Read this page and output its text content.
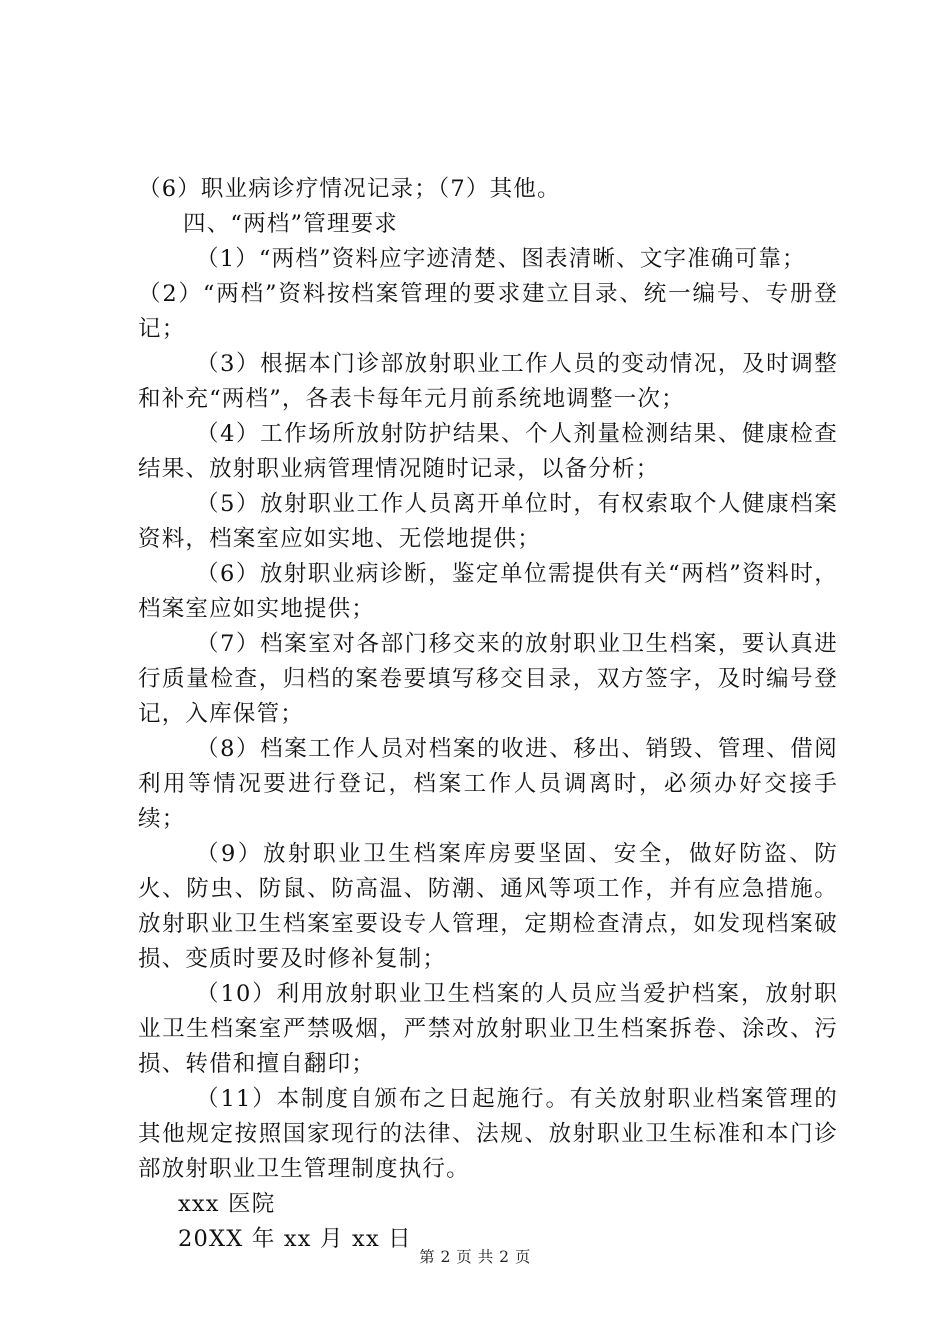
（6）职业病诊疗情况记录；（7）其他。

四、“两档”管理要求

（1）“两档”资料应字迹清楚、图表清晰、文字准确可靠；

（2）“两档”资料按档案管理的要求建立目录、统一编号、专册登记；

（3）根据本门诊部放射职业工作人员的变动情况，及时调整和补充“两档”，各表卡每年元月前系统地调整一次；

（4）工作场所放射防护结果、个人剂量检测结果、健康检查结果、放射职业病管理情况随时记录，以备分析；

（5）放射职业工作人员离开单位时，有权索取个人健康档案资料，档案室应如实地、无偿地提供；

（6）放射职业病诊断，鉴定单位需提供有关“两档”资料时，档案室应如实地提供；

（7）档案室对各部门移交来的放射职业卫生档案，要认真进行质量检查，归档的案卷要填写移交目录，双方签字，及时编号登记，入库保管；

（8）档案工作人员对档案的收进、移出、销毁、管理、借阅利用等情况要进行登记，档案工作人员调离时，必须办好交接手续；

（9）放射职业卫生档案库房要坚固、安全，做好防盗、防火、防虫、防鼠、防高温、防潮、通风等项工作，并有应急措施。放射职业卫生档案室要设专人管理，定期检查清点，如发现档案破损、变质时要及时修补复制；

（10）利用放射职业卫生档案的人员应当爱护档案，放射职业卫生档案室严禁吸烟，严禁对放射职业卫生档案拆卷、涂改、污损、转借和擅自翻印；

（11）本制度自颁布之日起施行。有关放射职业档案管理的其他规定按照国家现行的法律、法规、放射职业卫生标准和本门诊部放射职业卫生管理制度执行。

xxx 医院

20XX 年 xx 月 xx 日

第 2 页 共 2 页
